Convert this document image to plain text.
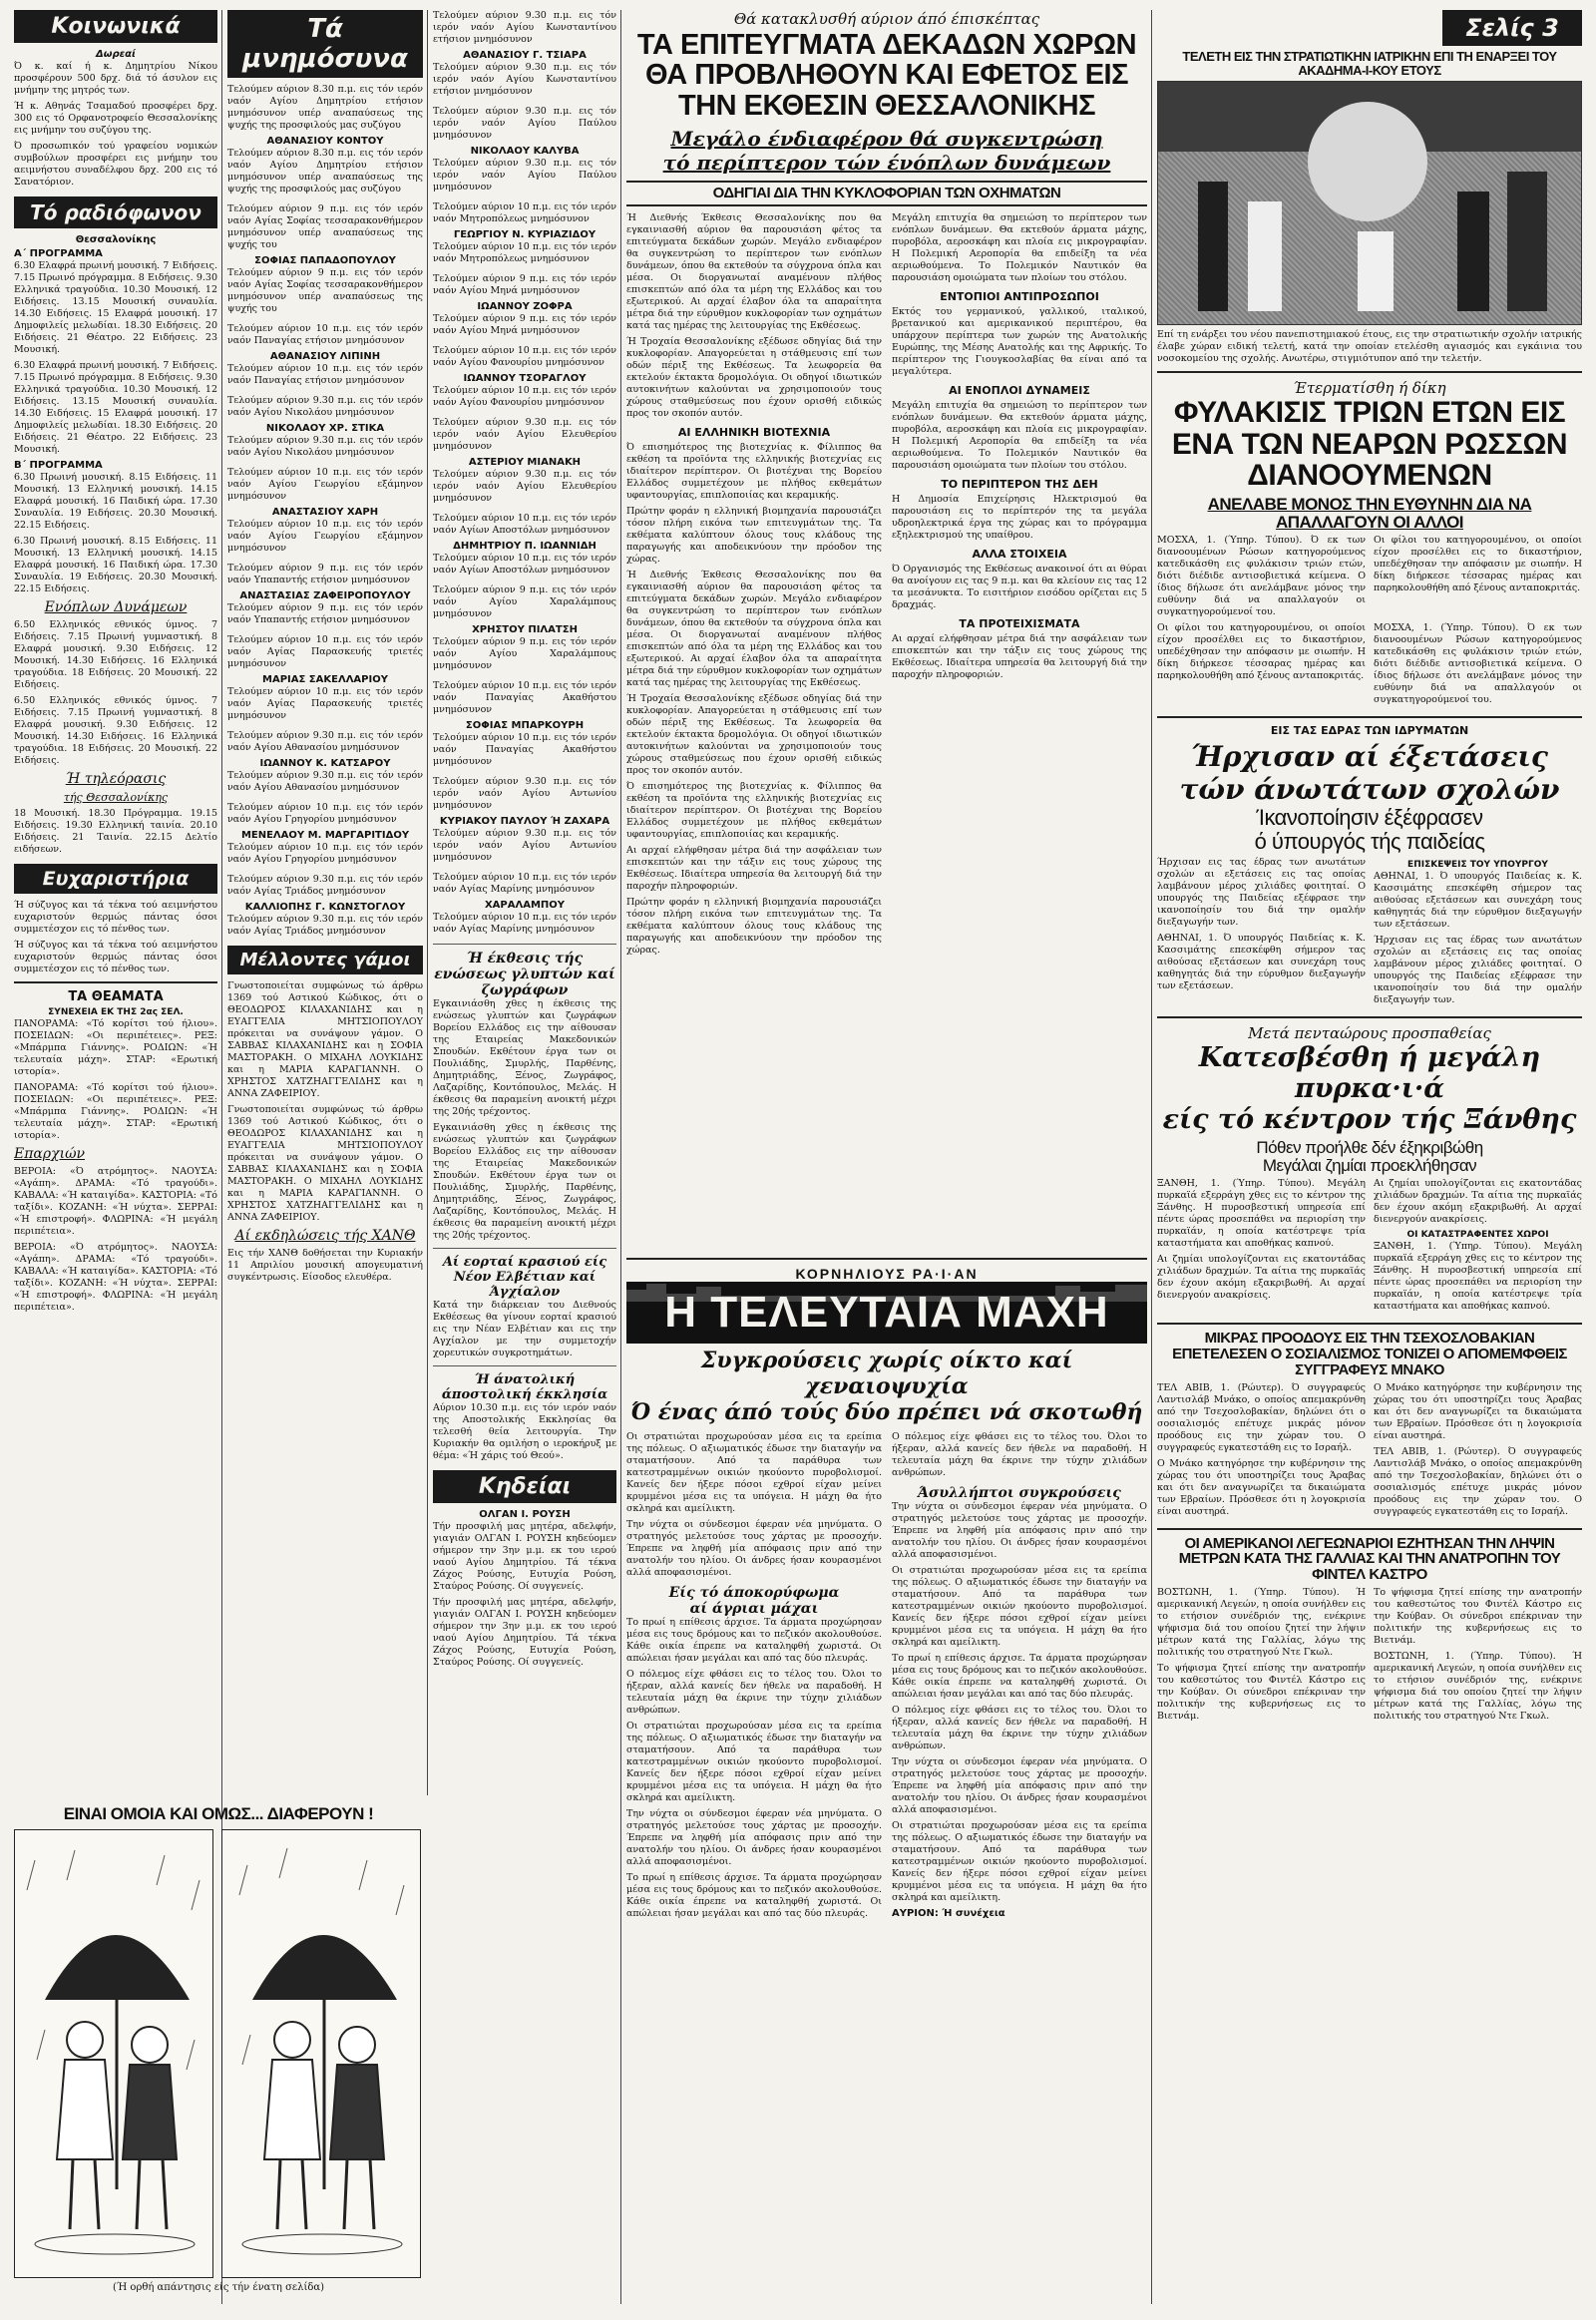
Κοινωνικά
Δωρεαί

Ό κ. καί ή κ. Δημητρίου Νίκου προσφέρουν 500 δρχ. διά τό άσυλον εις μνήμην της μητρός των.

Ή κ. Αθηνάς Τσαμαδού προσφέρει δρχ. 300 εις τό Ορφανοτροφείο Θεσσαλονίκης εις μνήμην του συζύγου της.

Ό προσωπικόν τού γραφείου νομικών συμβούλων προσφέρει εις μνήμην του αειμνήστου συναδέλφου δρχ. 200 εις τό Σανατόριον.

Τό ραδιόφωνον
Θεσσαλονίκης
Α΄ ΠΡΟΓΡΑΜΜΑ

6.30 Ελαφρά πρωινή μουσική. 7 Ειδήσεις. 7.15 Πρωινό πρόγραμμα. 8 Ειδήσεις. 9.30 Ελληνικά τραγούδια. 10.30 Μουσική. 12 Ειδήσεις. 13.15 Μουσική συναυλία. 14.30 Ειδήσεις. 15 Ελαφρά μουσική. 17 Δημοφιλείς μελωδίαι. 18.30 Ειδήσεις. 20 Ειδήσεις. 21 Θέατρο. 22 Ειδήσεις. 23 Μουσική.

6.30 Ελαφρά πρωινή μουσική. 7 Ειδήσεις. 7.15 Πρωινό πρόγραμμα. 8 Ειδήσεις. 9.30 Ελληνικά τραγούδια. 10.30 Μουσική. 12 Ειδήσεις. 13.15 Μουσική συναυλία. 14.30 Ειδήσεις. 15 Ελαφρά μουσική. 17 Δημοφιλείς μελωδίαι. 18.30 Ειδήσεις. 20 Ειδήσεις. 21 Θέατρο. 22 Ειδήσεις. 23 Μουσική.

Β΄ ΠΡΟΓΡΑΜΜΑ

6.30 Πρωινή μουσική. 8.15 Ειδήσεις. 11 Μουσική. 13 Ελληνική μουσική. 14.15 Ελαφρά μουσική. 16 Παιδική ώρα. 17.30 Συναυλία. 19 Ειδήσεις. 20.30 Μουσική. 22.15 Ειδήσεις.

6.30 Πρωινή μουσική. 8.15 Ειδήσεις. 11 Μουσική. 13 Ελληνική μουσική. 14.15 Ελαφρά μουσική. 16 Παιδική ώρα. 17.30 Συναυλία. 19 Ειδήσεις. 20.30 Μουσική. 22.15 Ειδήσεις.

Ενόπλων Δυνάμεων

6.50 Ελληνικός εθνικός ύμνος. 7 Ειδήσεις. 7.15 Πρωινή γυμναστική. 8 Ελαφρά μουσική. 9.30 Ειδήσεις. 12 Μουσική. 14.30 Ειδήσεις. 16 Ελληνικά τραγούδια. 18 Ειδήσεις. 20 Μουσική. 22 Ειδήσεις.

6.50 Ελληνικός εθνικός ύμνος. 7 Ειδήσεις. 7.15 Πρωινή γυμναστική. 8 Ελαφρά μουσική. 9.30 Ειδήσεις. 12 Μουσική. 14.30 Ειδήσεις. 16 Ελληνικά τραγούδια. 18 Ειδήσεις. 20 Μουσική. 22 Ειδήσεις.

Ή τηλεόρασις
τής Θεσσαλονίκης

18 Μουσική. 18.30 Πρόγραμμα. 19.15 Ειδήσεις. 19.30 Ελληνική ταινία. 20.10 Ειδήσεις. 21 Ταινία. 22.15 Δελτίο ειδήσεων.

Ευχαριστήρια

Ή σύζυγος και τά τέκνα τού αειμνήστου ευχαριστούν θερμώς πάντας όσοι συμμετέσχον εις τό πένθος των.

Ή σύζυγος και τά τέκνα τού αειμνήστου ευχαριστούν θερμώς πάντας όσοι συμμετέσχον εις τό πένθος των.

ΤΑ ΘΕΑΜΑΤΑ
ΣΥΝΕΧΕΙΑ ΕΚ ΤΗΣ 2ας ΣΕΛ.

ΠΑΝΟΡΑΜΑ: «Τό κορίτσι τού ήλιου». ΠΟΣΕΙΔΩΝ: «Οι περιπέτειες». ΡΕΞ: «Μπάρμπα Γιάννης». ΡΟΔΙΩΝ: «Ή τελευταία μάχη». ΣΤΑΡ: «Ερωτική ιστορία».

ΠΑΝΟΡΑΜΑ: «Τό κορίτσι τού ήλιου». ΠΟΣΕΙΔΩΝ: «Οι περιπέτειες». ΡΕΞ: «Μπάρμπα Γιάννης». ΡΟΔΙΩΝ: «Ή τελευταία μάχη». ΣΤΑΡ: «Ερωτική ιστορία».

Επαρχιών

ΒΕΡΟΙΑ: «Ό ατρόμητος». ΝΑΟΥΣΑ: «Αγάπη». ΔΡΑΜΑ: «Τό τραγούδι». ΚΑΒΑΛΑ: «Ή καταιγίδα». ΚΑΣΤΟΡΙΑ: «Τό ταξίδι». ΚΟΖΑΝΗ: «Ή νύχτα». ΣΕΡΡΑΙ: «Ή επιστροφή». ΦΛΩΡΙΝΑ: «Ή μεγάλη περιπέτεια».

ΒΕΡΟΙΑ: «Ό ατρόμητος». ΝΑΟΥΣΑ: «Αγάπη». ΔΡΑΜΑ: «Τό τραγούδι». ΚΑΒΑΛΑ: «Ή καταιγίδα». ΚΑΣΤΟΡΙΑ: «Τό ταξίδι». ΚΟΖΑΝΗ: «Ή νύχτα». ΣΕΡΡΑΙ: «Ή επιστροφή». ΦΛΩΡΙΝΑ: «Ή μεγάλη περιπέτεια».

ΕΙΝΑΙ ΟΜΟΙΑ ΚΑΙ ΟΜΩΣ... ΔΙΑΦΕΡΟΥΝ !
(Ή ορθή απάντησις είς τήν ένατη σελίδα)
Τά μνημόσυνα

Τελούμεν αύριον 8.30 π.μ. εις τόν ιερόν ναόν Αγίου Δημητρίου ετήσιον μνημόσυνον υπέρ αναπαύσεως της ψυχής της προσφιλούς μας συζύγου

ΑΘΑΝΑΣΙΟΥ ΚΟΝΤΟΥ

Τελούμεν αύριον 8.30 π.μ. εις τόν ιερόν ναόν Αγίου Δημητρίου ετήσιον μνημόσυνον υπέρ αναπαύσεως της ψυχής της προσφιλούς μας συζύγου

Τελούμεν αύριον 9 π.μ. εις τόν ιερόν ναόν Αγίας Σοφίας τεσσαρακονθήμερον μνημόσυνον υπέρ αναπαύσεως της ψυχής του

ΣΟΦΙΑΣ ΠΑΠΑΔΟΠΟΥΛΟΥ

Τελούμεν αύριον 9 π.μ. εις τόν ιερόν ναόν Αγίας Σοφίας τεσσαρακονθήμερον μνημόσυνον υπέρ αναπαύσεως της ψυχής του

Τελούμεν αύριον 10 π.μ. εις τόν ιερόν ναόν Παναγίας ετήσιον μνημόσυνον

ΑΘΑΝΑΣΙΟΥ ΛΙΠΙΝΗ

Τελούμεν αύριον 10 π.μ. εις τόν ιερόν ναόν Παναγίας ετήσιον μνημόσυνον

Τελούμεν αύριον 9.30 π.μ. εις τόν ιερόν ναόν Αγίου Νικολάου μνημόσυνον

ΝΙΚΟΛΑΟΥ ΧΡ. ΣΤΙΚΑ

Τελούμεν αύριον 9.30 π.μ. εις τόν ιερόν ναόν Αγίου Νικολάου μνημόσυνον

Τελούμεν αύριον 10 π.μ. εις τόν ιερόν ναόν Αγίου Γεωργίου εξάμηνον μνημόσυνον

ΑΝΑΣΤΑΣΙΟΥ ΧΑΡΗ

Τελούμεν αύριον 10 π.μ. εις τόν ιερόν ναόν Αγίου Γεωργίου εξάμηνον μνημόσυνον

Τελούμεν αύριον 9 π.μ. εις τόν ιερόν ναόν Υπαπαντής ετήσιον μνημόσυνον

ΑΝΑΣΤΑΣΙΑΣ ΖΑΦΕΙΡΟΠΟΥΛΟΥ

Τελούμεν αύριον 9 π.μ. εις τόν ιερόν ναόν Υπαπαντής ετήσιον μνημόσυνον

Τελούμεν αύριον 10 π.μ. εις τόν ιερόν ναόν Αγίας Παρασκευής τριετές μνημόσυνον

ΜΑΡΙΑΣ ΣΑΚΕΛΛΑΡΙΟΥ

Τελούμεν αύριον 10 π.μ. εις τόν ιερόν ναόν Αγίας Παρασκευής τριετές μνημόσυνον

Τελούμεν αύριον 9.30 π.μ. εις τόν ιερόν ναόν Αγίου Αθανασίου μνημόσυνον

ΙΩΑΝΝΟΥ Κ. ΚΑΤΣΑΡΟΥ

Τελούμεν αύριον 9.30 π.μ. εις τόν ιερόν ναόν Αγίου Αθανασίου μνημόσυνον

Τελούμεν αύριον 10 π.μ. εις τόν ιερόν ναόν Αγίου Γρηγορίου μνημόσυνον

ΜΕΝΕΛΑΟΥ Μ. ΜΑΡΓΑΡΙΤΙΔΟΥ

Τελούμεν αύριον 10 π.μ. εις τόν ιερόν ναόν Αγίου Γρηγορίου μνημόσυνον

Τελούμεν αύριον 9.30 π.μ. εις τόν ιερόν ναόν Αγίας Τριάδος μνημόσυνον

ΚΑΛΛΙΟΠΗΣ Γ. ΚΩΝΣΤΟΓΛΟΥ

Τελούμεν αύριον 9.30 π.μ. εις τόν ιερόν ναόν Αγίας Τριάδος μνημόσυνον

Μέλλοντες γάμοι

Γνωστοποιείται συμφώνως τώ άρθρω 1369 τού Αστικού Κώδικος, ότι ο ΘΕΟΔΩΡΟΣ ΚΙΛΑΧΑΝΙΔΗΣ και η ΕΥΑΓΓΕΛΙΑ ΜΗΤΣΙΟΠΟΥΛΟΥ πρόκειται να συνάψουν γάμον. Ο ΣΑΒΒΑΣ ΚΙΛΑΧΑΝΙΔΗΣ και η ΣΟΦΙΑ ΜΑΣΤΟΡΑΚΗ. Ο ΜΙΧΑΗΛ ΛΟΥΚΙΔΗΣ και η ΜΑΡΙΑ ΚΑΡΑΓΙΑΝΝΗ. Ο ΧΡΗΣΤΟΣ ΧΑΤΖΗΑΓΓΕΛΙΔΗΣ και η ΑΝΝΑ ΖΑΦΕΙΡΙΟΥ.

Γνωστοποιείται συμφώνως τώ άρθρω 1369 τού Αστικού Κώδικος, ότι ο ΘΕΟΔΩΡΟΣ ΚΙΛΑΧΑΝΙΔΗΣ και η ΕΥΑΓΓΕΛΙΑ ΜΗΤΣΙΟΠΟΥΛΟΥ πρόκειται να συνάψουν γάμον. Ο ΣΑΒΒΑΣ ΚΙΛΑΧΑΝΙΔΗΣ και η ΣΟΦΙΑ ΜΑΣΤΟΡΑΚΗ. Ο ΜΙΧΑΗΛ ΛΟΥΚΙΔΗΣ και η ΜΑΡΙΑ ΚΑΡΑΓΙΑΝΝΗ. Ο ΧΡΗΣΤΟΣ ΧΑΤΖΗΑΓΓΕΛΙΔΗΣ και η ΑΝΝΑ ΖΑΦΕΙΡΙΟΥ.

Αί εκδηλώσεις τής ΧΑΝΘ

Εις τήν ΧΑΝΘ δοθήσεται την Κυριακήν 11 Απριλίου μουσική απογευματινή συγκέντρωσις. Είσοδος ελευθέρα.

Τελούμεν αύριον 9.30 π.μ. εις τόν ιερόν ναόν Αγίου Κωνσταντίνου ετήσιον μνημόσυνον

ΑΘΑΝΑΣΙΟΥ Γ. ΤΣΙΑΡΑ

Τελούμεν αύριον 9.30 π.μ. εις τόν ιερόν ναόν Αγίου Κωνσταντίνου ετήσιον μνημόσυνον

Τελούμεν αύριον 9.30 π.μ. εις τόν ιερόν ναόν Αγίου Παύλου μνημόσυνον

ΝΙΚΟΛΑΟΥ ΚΑΛΥΒΑ

Τελούμεν αύριον 9.30 π.μ. εις τόν ιερόν ναόν Αγίου Παύλου μνημόσυνον

Τελούμεν αύριον 10 π.μ. εις τόν ιερόν ναόν Μητροπόλεως μνημόσυνον

ΓΕΩΡΓΙΟΥ Ν. ΚΥΡΙΑΖΙΔΟΥ

Τελούμεν αύριον 10 π.μ. εις τόν ιερόν ναόν Μητροπόλεως μνημόσυνον

Τελούμεν αύριον 9 π.μ. εις τόν ιερόν ναόν Αγίου Μηνά μνημόσυνον

ΙΩΑΝΝΟΥ ΖΟΦΡΑ

Τελούμεν αύριον 9 π.μ. εις τόν ιερόν ναόν Αγίου Μηνά μνημόσυνον

Τελούμεν αύριον 10 π.μ. εις τόν ιερόν ναόν Αγίου Φανουρίου μνημόσυνον

ΙΩΑΝΝΟΥ ΤΣΟΡΑΓΛΟΥ

Τελούμεν αύριον 10 π.μ. εις τόν ιερόν ναόν Αγίου Φανουρίου μνημόσυνον

Τελούμεν αύριον 9.30 π.μ. εις τόν ιερόν ναόν Αγίου Ελευθερίου μνημόσυνον

ΑΣΤΕΡΙΟΥ ΜΙΑΝΑΚΗ

Τελούμεν αύριον 9.30 π.μ. εις τόν ιερόν ναόν Αγίου Ελευθερίου μνημόσυνον

Τελούμεν αύριον 10 π.μ. εις τόν ιερόν ναόν Αγίων Αποστόλων μνημόσυνον

ΔΗΜΗΤΡΙΟΥ Π. ΙΩΑΝΝΙΔΗ

Τελούμεν αύριον 10 π.μ. εις τόν ιερόν ναόν Αγίων Αποστόλων μνημόσυνον

Τελούμεν αύριον 9 π.μ. εις τόν ιερόν ναόν Αγίου Χαραλάμπους μνημόσυνον

ΧΡΗΣΤΟΥ ΠΙΛΑΤΣΗ

Τελούμεν αύριον 9 π.μ. εις τόν ιερόν ναόν Αγίου Χαραλάμπους μνημόσυνον

Τελούμεν αύριον 10 π.μ. εις τόν ιερόν ναόν Παναγίας Ακαθήστου μνημόσυνον

ΣΟΦΙΑΣ ΜΠΑΡΚΟΥΡΗ

Τελούμεν αύριον 10 π.μ. εις τόν ιερόν ναόν Παναγίας Ακαθήστου μνημόσυνον

Τελούμεν αύριον 9.30 π.μ. εις τόν ιερόν ναόν Αγίου Αντωνίου μνημόσυνον

ΚΥΡΙΑΚΟΥ ΠΑΥΛΟΥ Ή ΖΑΧΑΡΑ

Τελούμεν αύριον 9.30 π.μ. εις τόν ιερόν ναόν Αγίου Αντωνίου μνημόσυνον

Τελούμεν αύριον 10 π.μ. εις τόν ιερόν ναόν Αγίας Μαρίνης μνημόσυνον

ΧΑΡΑΛΑΜΠΟΥ

Τελούμεν αύριον 10 π.μ. εις τόν ιερόν ναόν Αγίας Μαρίνης μνημόσυνον

Ή έκθεσις τής ενώσεως γλυπτών καί ζωγράφων

Εγκαινιάσθη χθες η έκθεσις της ενώσεως γλυπτών και ζωγράφων Βορείου Ελλάδος εις την αίθουσαν της Εταιρείας Μακεδονικών Σπουδών. Εκθέτουν έργα των οι Πουλιάδης, Σμυρλής, Παρθένης, Δημητριάδης, Ξένος, Ζωγράφος, Λαζαρίδης, Κοντόπουλος, Μελάς. Η έκθεσις θα παραμείνη ανοικτή μέχρι της 20ής τρέχοντος.

Εγκαινιάσθη χθες η έκθεσις της ενώσεως γλυπτών και ζωγράφων Βορείου Ελλάδος εις την αίθουσαν της Εταιρείας Μακεδονικών Σπουδών. Εκθέτουν έργα των οι Πουλιάδης, Σμυρλής, Παρθένης, Δημητριάδης, Ξένος, Ζωγράφος, Λαζαρίδης, Κοντόπουλος, Μελάς. Η έκθεσις θα παραμείνη ανοικτή μέχρι της 20ής τρέχοντος.

Αί εορταί κρασιού είς Νέον Ελβέτιαν καί Άγχίαλον

Κατά την διάρκειαν του Διεθνούς Εκθέσεως θα γίνουν εορταί κρασιού εις την Νέαν Ελβέτιαν και εις την Αγχίαλον με την συμμετοχήν χορευτικών συγκροτημάτων.

Ή άνατολική άποστολική έκκλησία

Αύριον 10.30 π.μ. εις τόν ιερόν ναόν της Αποστολικής Εκκλησίας θα τελεσθή θεία λειτουργία. Την Κυριακήν θα ομιλήση ο ιεροκήρυξ με θέμα: «Ή χάρις τού Θεού».

Κηδείαι
ΟΛΓΑΝ Ι. ΡΟΥΣΗ

Τήν προσφιλή μας μητέρα, αδελφήν, γιαγιάν ΟΛΓΑΝ Ι. ΡΟΥΣΗ κηδεύομεν σήμερον την 3ην μ.μ. εκ του ιερού ναού Αγίου Δημητρίου. Τά τέκνα Ζάχος Ρούσης, Ευτυχία Ρούση, Σταύρος Ρούσης. Οί συγγενείς.

Τήν προσφιλή μας μητέρα, αδελφήν, γιαγιάν ΟΛΓΑΝ Ι. ΡΟΥΣΗ κηδεύομεν σήμερον την 3ην μ.μ. εκ του ιερού ναού Αγίου Δημητρίου. Τά τέκνα Ζάχος Ρούσης, Ευτυχία Ρούση, Σταύρος Ρούσης. Οί συγγενείς.

Θά κατακλυσθή αύριον άπό έπισκέπτας
ΤΑ ΕΠΙΤΕΥΓΜΑΤΑ ΔΕΚΑΔΩΝ ΧΩΡΩΝ ΘΑ ΠΡΟΒΛΗΘΟΥΝ ΚΑΙ ΕΦΕΤΟΣ ΕΙΣ ΤΗΝ ΕΚΘΕΣΙΝ ΘΕΣΣΑΛΟΝΙΚΗΣ
Μεγάλο ένδιαφέρον θά συγκεντρώση
τό περίπτερον τών ένόπλων δυνάμεων
ΟΔΗΓΙΑΙ ΔΙΑ ΤΗΝ ΚΥΚΛΟΦΟΡΙΑΝ ΤΩΝ ΟΧΗΜΑΤΩΝ

Ή Διεθνής Έκθεσις Θεσσαλονίκης που θα εγκαινιασθή αύριον θα παρουσιάση φέτος τα επιτεύγματα δεκάδων χωρών. Μεγάλο ενδιαφέρον θα συγκεντρώση το περίπτερον των ενόπλων δυνάμεων, όπου θα εκτεθούν τα σύγχρονα όπλα και μέσα. Οι διοργανωταί αναμένουν πλήθος επισκεπτών από όλα τα μέρη της Ελλάδος και του εξωτερικού. Αι αρχαί έλαβον όλα τα απαραίτητα μέτρα διά την εύρυθμον κυκλοφορίαν των οχημάτων κατά τας ημέρας της λειτουργίας της Εκθέσεως.

Ή Τροχαία Θεσσαλονίκης εξέδωσε οδηγίας διά την κυκλοφορίαν. Απαγορεύεται η στάθμευσις επί των οδών πέριξ της Εκθέσεως. Τα λεωφορεία θα εκτελούν έκτακτα δρομολόγια. Οι οδηγοί ιδιωτικών αυτοκινήτων καλούνται να χρησιμοποιούν τους χώρους σταθμεύσεως που έχουν ορισθή ειδικώς προς τον σκοπόν αυτόν.

ΑΙ ΕΛΛΗΝΙΚΗ ΒΙΟΤΕΧΝΙΑ

Ό επισημότερος της βιοτεχνίας κ. Φίλιππος θα εκθέση τα προϊόντα της ελληνικής βιοτεχνίας εις ιδιαίτερον περίπτερον. Οι βιοτέχναι της Βορείου Ελλάδος συμμετέχουν με πλήθος εκθεμάτων υφαντουργίας, επιπλοποιίας και κεραμικής.

Πρώτην φοράν η ελληνική βιομηχανία παρουσιάζει τόσον πλήρη εικόνα των επιτευγμάτων της. Τα εκθέματα καλύπτουν όλους τους κλάδους της παραγωγής και αποδεικνύουν την πρόοδον της χώρας.

Ή Διεθνής Έκθεσις Θεσσαλονίκης που θα εγκαινιασθή αύριον θα παρουσιάση φέτος τα επιτεύγματα δεκάδων χωρών. Μεγάλο ενδιαφέρον θα συγκεντρώση το περίπτερον των ενόπλων δυνάμεων, όπου θα εκτεθούν τα σύγχρονα όπλα και μέσα. Οι διοργανωταί αναμένουν πλήθος επισκεπτών από όλα τα μέρη της Ελλάδος και του εξωτερικού. Αι αρχαί έλαβον όλα τα απαραίτητα μέτρα διά την εύρυθμον κυκλοφορίαν των οχημάτων κατά τας ημέρας της λειτουργίας της Εκθέσεως.

Ή Τροχαία Θεσσαλονίκης εξέδωσε οδηγίας διά την κυκλοφορίαν. Απαγορεύεται η στάθμευσις επί των οδών πέριξ της Εκθέσεως. Τα λεωφορεία θα εκτελούν έκτακτα δρομολόγια. Οι οδηγοί ιδιωτικών αυτοκινήτων καλούνται να χρησιμοποιούν τους χώρους σταθμεύσεως που έχουν ορισθή ειδικώς προς τον σκοπόν αυτόν.

Ό επισημότερος της βιοτεχνίας κ. Φίλιππος θα εκθέση τα προϊόντα της ελληνικής βιοτεχνίας εις ιδιαίτερον περίπτερον. Οι βιοτέχναι της Βορείου Ελλάδος συμμετέχουν με πλήθος εκθεμάτων υφαντουργίας, επιπλοποιίας και κεραμικής.

Αι αρχαί ελήφθησαν μέτρα διά την ασφάλειαν των επισκεπτών και την τάξιν εις τους χώρους της Εκθέσεως. Ιδιαίτερα υπηρεσία θα λειτουργή διά την παροχήν πληροφοριών.

Πρώτην φοράν η ελληνική βιομηχανία παρουσιάζει τόσον πλήρη εικόνα των επιτευγμάτων της. Τα εκθέματα καλύπτουν όλους τους κλάδους της παραγωγής και αποδεικνύουν την πρόοδον της χώρας.

Μεγάλη επιτυχία θα σημειώση το περίπτερον των ενόπλων δυνάμεων. Θα εκτεθούν άρματα μάχης, πυροβόλα, αεροσκάφη και πλοία εις μικρογραφίαν. Η Πολεμική Αεροπορία θα επιδείξη τα νέα αεριωθούμενα. Το Πολεμικόν Ναυτικόν θα παρουσιάση ομοιώματα των πλοίων του στόλου.

ΕΝΤΟΠΙΟΙ ΑΝΤΙΠΡΟΣΩΠΟΙ

Εκτός του γερμανικού, γαλλικού, ιταλικού, βρετανικού και αμερικανικού περιπτέρου, θα υπάρχουν περίπτερα των χωρών της Ανατολικής Ευρώπης, της Μέσης Ανατολής και της Αφρικής. Το περίπτερον της Γιουγκοσλαβίας θα είναι από τα μεγαλύτερα.

ΑΙ ΕΝΟΠΛΟΙ ΔΥΝΑΜΕΙΣ

Μεγάλη επιτυχία θα σημειώση το περίπτερον των ενόπλων δυνάμεων. Θα εκτεθούν άρματα μάχης, πυροβόλα, αεροσκάφη και πλοία εις μικρογραφίαν. Η Πολεμική Αεροπορία θα επιδείξη τα νέα αεριωθούμενα. Το Πολεμικόν Ναυτικόν θα παρουσιάση ομοιώματα των πλοίων του στόλου.

ΤΟ ΠΕΡΙΠΤΕΡΟΝ ΤΗΣ ΔΕΗ

Η Δημοσία Επιχείρησις Ηλεκτρισμού θα παρουσιάση εις το περίπτερόν της τα μεγάλα υδροηλεκτρικά έργα της χώρας και το πρόγραμμα εξηλεκτρισμού της υπαίθρου.

ΑΛΛΑ ΣΤΟΙΧΕΙΑ

Ό Οργανισμός της Εκθέσεως ανακοινοί ότι αι θύραι θα ανοίγουν εις τας 9 π.μ. και θα κλείουν εις τας 12 τα μεσάνυκτα. Το εισιτήριον εισόδου ορίζεται εις 5 δραχμάς.

ΤΑ ΠΡΟΤΕΙΧΙΣΜΑΤΑ

Αι αρχαί ελήφθησαν μέτρα διά την ασφάλειαν των επισκεπτών και την τάξιν εις τους χώρους της Εκθέσεως. Ιδιαίτερα υπηρεσία θα λειτουργή διά την παροχήν πληροφοριών.

ΚΟΡΝΗΛΙΟΥΣ ΡΑ·Ι·ΑΝ
Η ΤΕΛΕΥΤΑΙΑ ΜΑΧΗ
Συγκρούσεις χωρίς οίκτο καί χεναιοψυχία
Ό ένας άπό τούς δύο πρέπει νά σκοτωθή

Οι στρατιώται προχωρούσαν μέσα εις τα ερείπια της πόλεως. Ο αξιωματικός έδωσε την διαταγήν να σταματήσουν. Από τα παράθυρα των κατεστραμμένων οικιών ηκούοντο πυροβολισμοί. Κανείς δεν ήξερε πόσοι εχθροί είχαν μείνει κρυμμένοι μέσα εις τα υπόγεια. Η μάχη θα ήτο σκληρά και αμείλικτη.

Την νύχτα οι σύνδεσμοι έφεραν νέα μηνύματα. Ο στρατηγός μελετούσε τους χάρτας με προσοχήν. Έπρεπε να ληφθή μία απόφασις πριν από την ανατολήν του ηλίου. Οι άνδρες ήσαν κουρασμένοι αλλά αποφασισμένοι.

Είς τό άποκορύφωμα
αί άγριαι μάχαι

Το πρωί η επίθεσις άρχισε. Τα άρματα προχώρησαν μέσα εις τους δρόμους και το πεζικόν ακολουθούσε. Κάθε οικία έπρεπε να καταληφθή χωριστά. Οι απώλειαι ήσαν μεγάλαι και από τας δύο πλευράς.

Ο πόλεμος είχε φθάσει εις το τέλος του. Όλοι το ήξεραν, αλλά κανείς δεν ήθελε να παραδοθή. Η τελευταία μάχη θα έκρινε την τύχην χιλιάδων ανθρώπων.

Οι στρατιώται προχωρούσαν μέσα εις τα ερείπια της πόλεως. Ο αξιωματικός έδωσε την διαταγήν να σταματήσουν. Από τα παράθυρα των κατεστραμμένων οικιών ηκούοντο πυροβολισμοί. Κανείς δεν ήξερε πόσοι εχθροί είχαν μείνει κρυμμένοι μέσα εις τα υπόγεια. Η μάχη θα ήτο σκληρά και αμείλικτη.

Την νύχτα οι σύνδεσμοι έφεραν νέα μηνύματα. Ο στρατηγός μελετούσε τους χάρτας με προσοχήν. Έπρεπε να ληφθή μία απόφασις πριν από την ανατολήν του ηλίου. Οι άνδρες ήσαν κουρασμένοι αλλά αποφασισμένοι.

Το πρωί η επίθεσις άρχισε. Τα άρματα προχώρησαν μέσα εις τους δρόμους και το πεζικόν ακολουθούσε. Κάθε οικία έπρεπε να καταληφθή χωριστά. Οι απώλειαι ήσαν μεγάλαι και από τας δύο πλευράς.

Ο πόλεμος είχε φθάσει εις το τέλος του. Όλοι το ήξεραν, αλλά κανείς δεν ήθελε να παραδοθή. Η τελευταία μάχη θα έκρινε την τύχην χιλιάδων ανθρώπων.

Άσυλλήπτοι συγκρούσεις

Την νύχτα οι σύνδεσμοι έφεραν νέα μηνύματα. Ο στρατηγός μελετούσε τους χάρτας με προσοχήν. Έπρεπε να ληφθή μία απόφασις πριν από την ανατολήν του ηλίου. Οι άνδρες ήσαν κουρασμένοι αλλά αποφασισμένοι.

Οι στρατιώται προχωρούσαν μέσα εις τα ερείπια της πόλεως. Ο αξιωματικός έδωσε την διαταγήν να σταματήσουν. Από τα παράθυρα των κατεστραμμένων οικιών ηκούοντο πυροβολισμοί. Κανείς δεν ήξερε πόσοι εχθροί είχαν μείνει κρυμμένοι μέσα εις τα υπόγεια. Η μάχη θα ήτο σκληρά και αμείλικτη.

Το πρωί η επίθεσις άρχισε. Τα άρματα προχώρησαν μέσα εις τους δρόμους και το πεζικόν ακολουθούσε. Κάθε οικία έπρεπε να καταληφθή χωριστά. Οι απώλειαι ήσαν μεγάλαι και από τας δύο πλευράς.

Ο πόλεμος είχε φθάσει εις το τέλος του. Όλοι το ήξεραν, αλλά κανείς δεν ήθελε να παραδοθή. Η τελευταία μάχη θα έκρινε την τύχην χιλιάδων ανθρώπων.

Την νύχτα οι σύνδεσμοι έφεραν νέα μηνύματα. Ο στρατηγός μελετούσε τους χάρτας με προσοχήν. Έπρεπε να ληφθή μία απόφασις πριν από την ανατολήν του ηλίου. Οι άνδρες ήσαν κουρασμένοι αλλά αποφασισμένοι.

Οι στρατιώται προχωρούσαν μέσα εις τα ερείπια της πόλεως. Ο αξιωματικός έδωσε την διαταγήν να σταματήσουν. Από τα παράθυρα των κατεστραμμένων οικιών ηκούοντο πυροβολισμοί. Κανείς δεν ήξερε πόσοι εχθροί είχαν μείνει κρυμμένοι μέσα εις τα υπόγεια. Η μάχη θα ήτο σκληρά και αμείλικτη.

ΑΥΡΙΟΝ: Ή συνέχεια
Σελίς 3
ΤΕΛΕΤΗ ΕΙΣ ΤΗΝ ΣΤΡΑΤΙΩΤΙΚΗΝ ΙΑΤΡΙΚΗΝ ΕΠΙ ΤΗ ΕΝΑΡΞΕΙ ΤΟΥ ΑΚΑΔΗΜΑ-Ι-ΚΟΥ ΕΤΟΥΣ

Επί τη ενάρξει του νέου πανεπιστημιακού έτους, εις την στρατιωτικήν σχολήν ιατρικής έλαβε χώραν ειδική τελετή, κατά την οποίαν ετελέσθη αγιασμός και εγκάινια του νοσοκομείου της σχολής. Ανωτέρω, στιγμιότυπον από την τελετήν.

Έτερματίσθη ή δίκη
ΦΥΛΑΚΙΣΙΣ ΤΡΙΩΝ ΕΤΩΝ ΕΙΣ ΕΝΑ ΤΩΝ ΝΕΑΡΩΝ ΡΩΣΣΩΝ ΔΙΑΝΟΟΥΜΕΝΩΝ
ΑΝΕΛΑΒΕ ΜΟΝΟΣ ΤΗΝ ΕΥΘΥΝΗΝ ΔΙΑ ΝΑ ΑΠΑΛΛΑΓΟΥΝ ΟΙ ΑΛΛΟΙ

ΜΟΣΧΑ, 1. (Ύπηρ. Τύπου). Ό εκ των διανοουμένων Ρώσων κατηγορούμενος κατεδικάσθη εις φυλάκισιν τριών ετών, διότι διέδιδε αντισοβιετικά κείμενα. Ο ίδιος δήλωσε ότι ανελάμβανε μόνος την ευθύνην διά να απαλλαγούν οι συγκατηγορούμενοί του.

Οι φίλοι του κατηγορουμένου, οι οποίοι είχον προσέλθει εις το δικαστήριον, υπεδέχθησαν την απόφασιν με σιωπήν. Η δίκη διήρκεσε τέσσαρας ημέρας και παρηκολουθήθη από ξένους ανταποκριτάς.

Οι φίλοι του κατηγορουμένου, οι οποίοι είχον προσέλθει εις το δικαστήριον, υπεδέχθησαν την απόφασιν με σιωπήν. Η δίκη διήρκεσε τέσσαρας ημέρας και παρηκολουθήθη από ξένους ανταποκριτάς.

ΜΟΣΧΑ, 1. (Ύπηρ. Τύπου). Ό εκ των διανοουμένων Ρώσων κατηγορούμενος κατεδικάσθη εις φυλάκισιν τριών ετών, διότι διέδιδε αντισοβιετικά κείμενα. Ο ίδιος δήλωσε ότι ανελάμβανε μόνος την ευθύνην διά να απαλλαγούν οι συγκατηγορούμενοί του.

ΕΙΣ ΤΑΣ ΕΔΡΑΣ ΤΩΝ ΙΔΡΥΜΑΤΩΝ
Ήρχισαν αί έξετάσεις
τών άνωτάτων σχολών
Ίκανοποίησιν έξέφρασεν
ό ύπουργός τής παιδείας

Ήρχισαν εις τας έδρας των ανωτάτων σχολών αι εξετάσεις εις τας οποίας λαμβάνουν μέρος χιλιάδες φοιτηταί. Ο υπουργός της Παιδείας εξέφρασε την ικανοποίησίν του διά την ομαλήν διεξαγωγήν των.

ΑΘΗΝΑΙ, 1. Ό υπουργός Παιδείας κ. Κ. Κασσιμάτης επεσκέφθη σήμερον τας αιθούσας εξετάσεων και συνεχάρη τους καθηγητάς διά την εύρυθμον διεξαγωγήν των εξετάσεων.

ΕΠΙΣΚΕΨΕΙΣ ΤΟΥ ΥΠΟΥΡΓΟΥ

ΑΘΗΝΑΙ, 1. Ό υπουργός Παιδείας κ. Κ. Κασσιμάτης επεσκέφθη σήμερον τας αιθούσας εξετάσεων και συνεχάρη τους καθηγητάς διά την εύρυθμον διεξαγωγήν των εξετάσεων.

Ήρχισαν εις τας έδρας των ανωτάτων σχολών αι εξετάσεις εις τας οποίας λαμβάνουν μέρος χιλιάδες φοιτηταί. Ο υπουργός της Παιδείας εξέφρασε την ικανοποίησίν του διά την ομαλήν διεξαγωγήν των.

Μετά πενταώρους προσπαθείας
Κατεσβέσθη ή μεγάλη πυρκα·ι·ά
είς τό κέντρον τής Ξάνθης
Πόθεν προήλθε δέν έξηκριβώθη
Μεγάλαι ζημίαι προεκλήθησαν

ΞΑΝΘΗ, 1. (Ύπηρ. Τύπου). Μεγάλη πυρκαϊά εξερράγη χθες εις το κέντρον της Ξάνθης. Η πυροσβεστική υπηρεσία επί πέντε ώρας προσεπάθει να περιορίση την πυρκαϊάν, η οποία κατέστρεψε τρία καταστήματα και αποθήκας καπνού.

Αι ζημίαι υπολογίζονται εις εκατοντάδας χιλιάδων δραχμών. Τα αίτια της πυρκαϊάς δεν έχουν ακόμη εξακριβωθή. Αι αρχαί διενεργούν ανακρίσεις.

Αι ζημίαι υπολογίζονται εις εκατοντάδας χιλιάδων δραχμών. Τα αίτια της πυρκαϊάς δεν έχουν ακόμη εξακριβωθή. Αι αρχαί διενεργούν ανακρίσεις.

ΟΙ ΚΑΤΑΣΤΡΑΦΕΝΤΕΣ ΧΩΡΟΙ

ΞΑΝΘΗ, 1. (Ύπηρ. Τύπου). Μεγάλη πυρκαϊά εξερράγη χθες εις το κέντρον της Ξάνθης. Η πυροσβεστική υπηρεσία επί πέντε ώρας προσεπάθει να περιορίση την πυρκαϊάν, η οποία κατέστρεψε τρία καταστήματα και αποθήκας καπνού.

ΜΙΚΡΑΣ ΠΡΟΟΔΟΥΣ ΕΙΣ ΤΗΝ ΤΣΕΧΟΣΛΟΒΑΚΙΑΝ ΕΠΕΤΕΛΕΣΕΝ Ο ΣΟΣΙΑΛΙΣΜΟΣ ΤΟΝΙΖΕΙ Ο ΑΠΟΜΕΜΦΘΕΙΣ ΣΥΓΓΡΑΦΕΥΣ ΜΝΑΚΟ

ΤΕΛ ΑΒΙΒ, 1. (Ρώυτερ). Ό συγγραφεύς Λαντισλάβ Μνάκο, ο οποίος απεμακρύνθη από την Τσεχοσλοβακίαν, δηλώνει ότι ο σοσιαλισμός επέτυχε μικράς μόνον προόδους εις την χώραν του. Ο συγγραφεύς εγκατεστάθη εις το Ισραήλ.

Ο Μνάκο κατηγόρησε την κυβέρνησιν της χώρας του ότι υποστηρίζει τους Άραβας και ότι δεν αναγνωρίζει τα δικαιώματα των Εβραίων. Πρόσθεσε ότι η λογοκρισία είναι αυστηρά.

Ο Μνάκο κατηγόρησε την κυβέρνησιν της χώρας του ότι υποστηρίζει τους Άραβας και ότι δεν αναγνωρίζει τα δικαιώματα των Εβραίων. Πρόσθεσε ότι η λογοκρισία είναι αυστηρά.

ΤΕΛ ΑΒΙΒ, 1. (Ρώυτερ). Ό συγγραφεύς Λαντισλάβ Μνάκο, ο οποίος απεμακρύνθη από την Τσεχοσλοβακίαν, δηλώνει ότι ο σοσιαλισμός επέτυχε μικράς μόνον προόδους εις την χώραν του. Ο συγγραφεύς εγκατεστάθη εις το Ισραήλ.

ΟΙ ΑΜΕΡΙΚΑΝΟΙ ΛΕΓΕΩΝΑΡΙΟΙ ΕΖΗΤΗΣΑΝ ΤΗΝ ΛΗΨΙΝ ΜΕΤΡΩΝ ΚΑΤΑ ΤΗΣ ΓΑΛΛΙΑΣ ΚΑΙ ΤΗΝ ΑΝΑΤΡΟΠΗΝ ΤΟΥ ΦΙΝΤΕΛ ΚΑΣΤΡΟ

ΒΟΣΤΩΝΗ, 1. (Ύπηρ. Τύπου). Ή αμερικανική Λεγεών, η οποία συνήλθεν εις το ετήσιον συνέδριόν της, ενέκρινε ψήφισμα διά του οποίου ζητεί την λήψιν μέτρων κατά της Γαλλίας, λόγω της πολιτικής του στρατηγού Ντε Γκωλ.

Το ψήφισμα ζητεί επίσης την ανατροπήν του καθεστώτος του Φιντέλ Κάστρο εις την Κούβαν. Οι σύνεδροι επέκριναν την πολιτικήν της κυβερνήσεως εις το Βιετνάμ.

Το ψήφισμα ζητεί επίσης την ανατροπήν του καθεστώτος του Φιντέλ Κάστρο εις την Κούβαν. Οι σύνεδροι επέκριναν την πολιτικήν της κυβερνήσεως εις το Βιετνάμ.

ΒΟΣΤΩΝΗ, 1. (Ύπηρ. Τύπου). Ή αμερικανική Λεγεών, η οποία συνήλθεν εις το ετήσιον συνέδριόν της, ενέκρινε ψήφισμα διά του οποίου ζητεί την λήψιν μέτρων κατά της Γαλλίας, λόγω της πολιτικής του στρατηγού Ντε Γκωλ.
